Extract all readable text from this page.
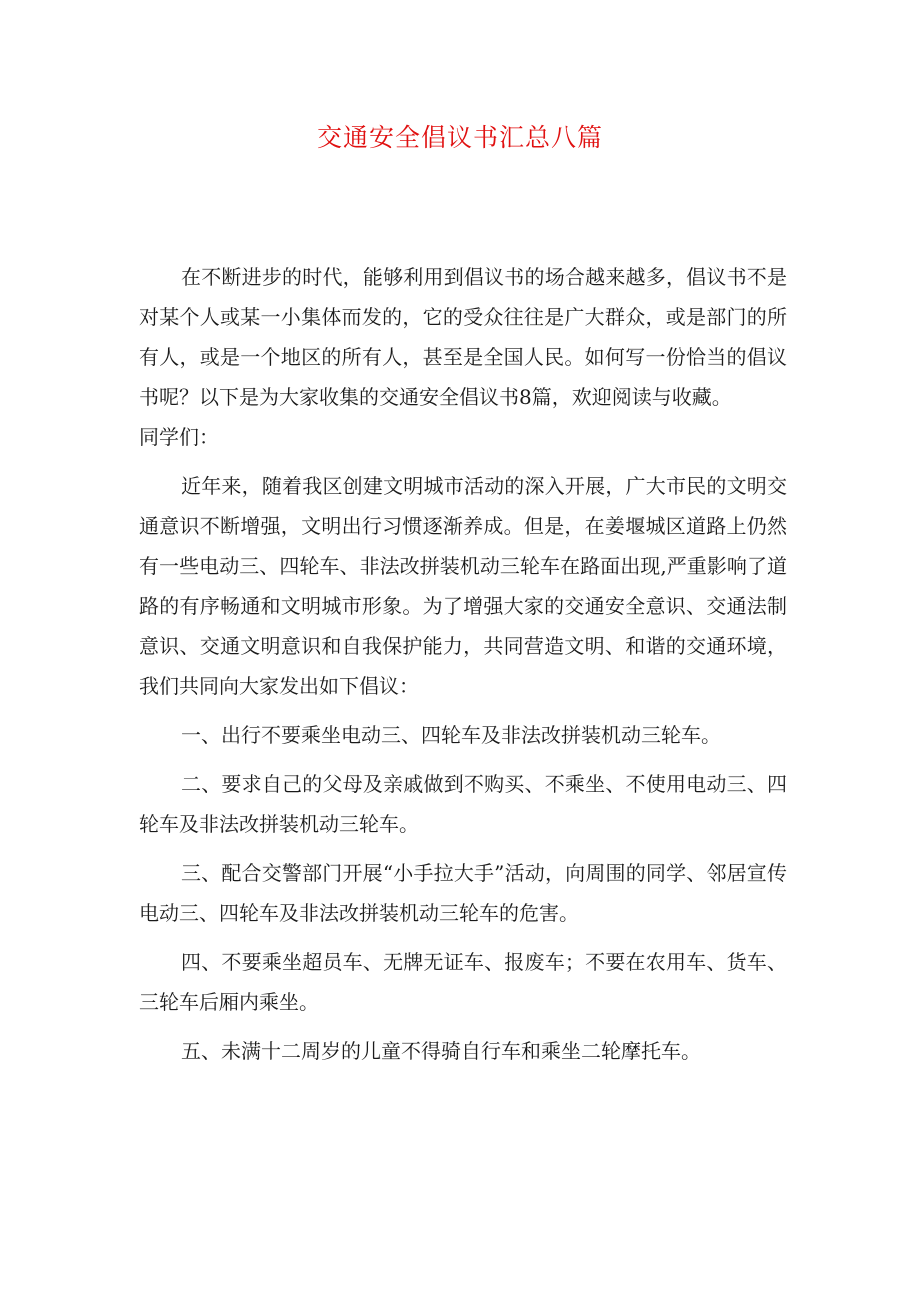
交通安全倡议书汇总八篇

在不断进步的时代，能够利用到倡议书的场合越来越多，倡议书不是对某个人或某一小集体而发的，它的受众往往是广大群众，或是部门的所有人，或是一个地区的所有人，甚至是全国人民。如何写一份恰当的倡议书呢？以下是为大家收集的交通安全倡议书8篇，欢迎阅读与收藏。

同学们：

近年来，随着我区创建文明城市活动的深入开展，广大市民的文明交通意识不断增强，文明出行习惯逐渐养成。但是，在姜堰城区道路上仍然有一些电动三、四轮车、非法改拼装机动三轮车在路面出现,严重影响了道路的有序畅通和文明城市形象。为了增强大家的交通安全意识、交通法制意识、交通文明意识和自我保护能力，共同营造文明、和谐的交通环境，我们共同向大家发出如下倡议：

一、出行不要乘坐电动三、四轮车及非法改拼装机动三轮车。

二、要求自己的父母及亲戚做到不购买、不乘坐、不使用电动三、四轮车及非法改拼装机动三轮车。

三、配合交警部门开展“小手拉大手”活动，向周围的同学、邻居宣传电动三、四轮车及非法改拼装机动三轮车的危害。

四、不要乘坐超员车、无牌无证车、报废车；不要在农用车、货车、三轮车后厢内乘坐。

五、未满十二周岁的儿童不得骑自行车和乘坐二轮摩托车。
